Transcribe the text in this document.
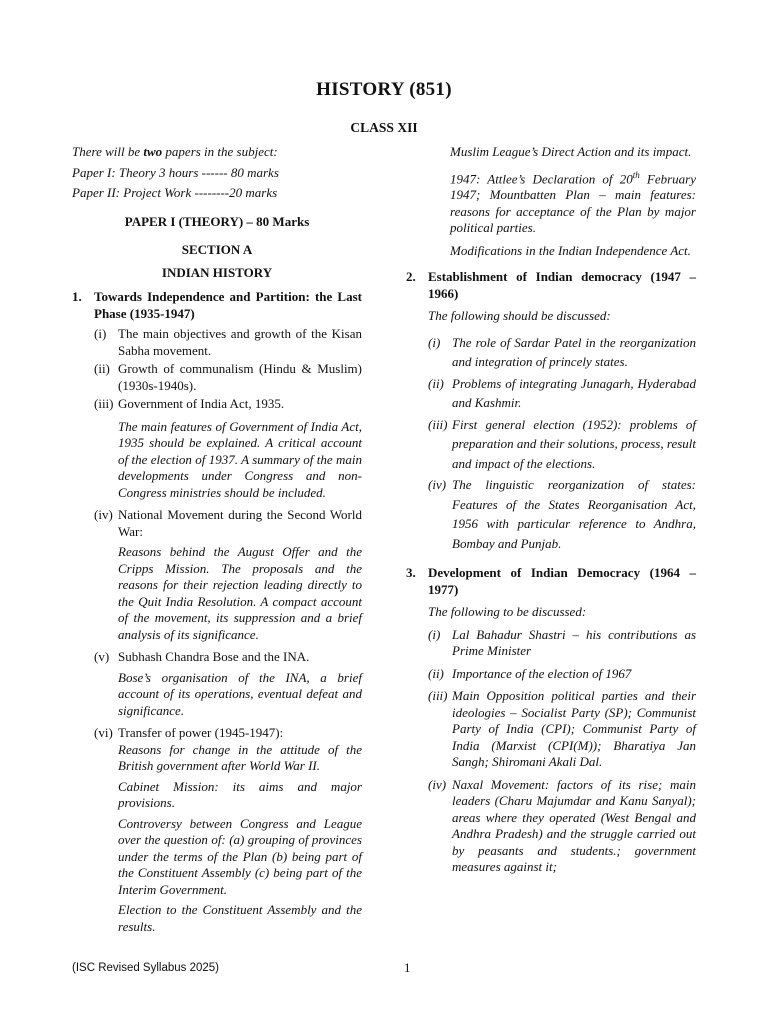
HISTORY (851)
CLASS XII

There will be two papers in the subject:

Paper I: Theory 3 hours ------ 80 marks

Paper II: Project Work --------20 marks

PAPER I (THEORY) – 80 Marks

SECTION A

INDIAN HISTORY

1. Towards Independence and Partition: the Last Phase (1935-1947)
(i) The main objectives and growth of the Kisan Sabha movement.
(ii) Growth of communalism (Hindu & Muslim) (1930s-1940s).
(iii) Government of India Act, 1935.

The main features of Government of India Act, 1935 should be explained. A critical account of the election of 1937. A summary of the main developments under Congress and non-Congress ministries should be included.

(iv) National Movement during the Second World War:

Reasons behind the August Offer and the Cripps Mission. The proposals and the reasons for their rejection leading directly to the Quit India Resolution. A compact account of the movement, its suppression and a brief analysis of its significance.

(v) Subhash Chandra Bose and the INA.

Bose’s organisation of the INA, a brief account of its operations, eventual defeat and significance.

(vi) Transfer of power (1945-1947):

Reasons for change in the attitude of the British government after World War II.

Cabinet Mission: its aims and major provisions.

Controversy between Congress and League over the question of: (a) grouping of provinces under the terms of the Plan (b) being part of the Constituent Assembly (c) being part of the Interim Government.

Election to the Constituent Assembly and the results.

Muslim League’s Direct Action and its impact.

1947: Attlee’s Declaration of 20th February 1947; Mountbatten Plan – main features: reasons for acceptance of the Plan by major political parties.

Modifications in the Indian Independence Act.

2. Establishment of Indian democracy (1947 – 1966)

The following should be discussed:

(i) The role of Sardar Patel in the reorganization and integration of princely states.
(ii) Problems of integrating Junagarh, Hyderabad and Kashmir.
(iii) First general election (1952): problems of preparation and their solutions, process, result and impact of the elections.
(iv) The linguistic reorganization of states: Features of the States Reorganisation Act, 1956 with particular reference to Andhra, Bombay and Punjab.
3. Development of Indian Democracy (1964 – 1977)

The following to be discussed:

(i) Lal Bahadur Shastri – his contributions as Prime Minister
(ii) Importance of the election of 1967
(iii) Main Opposition political parties and their ideologies – Socialist Party (SP); Communist Party of India (CPI); Communist Party of India (Marxist (CPI(M)); Bharatiya Jan Sangh; Shiromani Akali Dal.
(iv) Naxal Movement: factors of its rise; main leaders (Charu Majumdar and Kanu Sanyal); areas where they operated (West Bengal and Andhra Pradesh) and the struggle carried out by peasants and students.; government measures against it;
(ISC Revised Syllabus 2025)	1
